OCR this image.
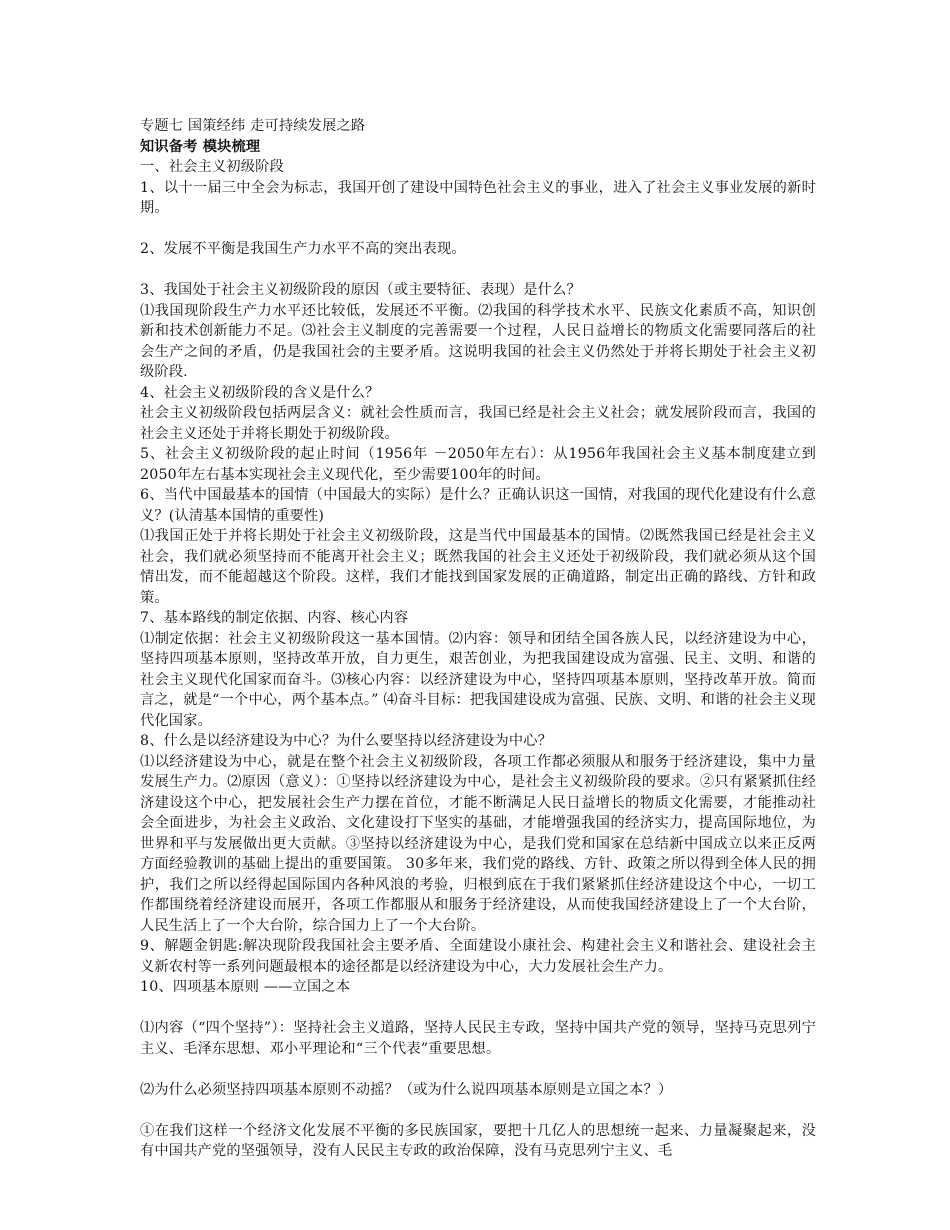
专题七 国策经纬 走可持续发展之路
知识备考 模块梳理
一、社会主义初级阶段
1、以十一届三中全会为标志，我国开创了建设中国特色社会主义的事业，进入了社会主义事业发展的新时期。
2、发展不平衡是我国生产力水平不高的突出表现。
3、我国处于社会主义初级阶段的原因（或主要特征、表现）是什么？
⑴我国现阶段生产力水平还比较低，发展还不平衡。⑵我国的科学技术水平、民族文化素质不高，知识创新和技术创新能力不足。⑶社会主义制度的完善需要一个过程，人民日益增长的物质文化需要同落后的社会生产之间的矛盾，仍是我国社会的主要矛盾。这说明我国的社会主义仍然处于并将长期处于社会主义初级阶段.
4、社会主义初级阶段的含义是什么？
社会主义初级阶段包括两层含义：就社会性质而言，我国已经是社会主义社会；就发展阶段而言，我国的社会主义还处于并将长期处于初级阶段。
5、社会主义初级阶段的起止时间（1956年 －2050年左右）：从1956年我国社会主义基本制度建立到2050年左右基本实现社会主义现代化，至少需要100年的时间。
6、当代中国最基本的国情（中国最大的实际）是什么？正确认识这一国情，对我国的现代化建设有什么意义？(认清基本国情的重要性)
⑴我国正处于并将长期处于社会主义初级阶段，这是当代中国最基本的国情。⑵既然我国已经是社会主义社会，我们就必须坚持而不能离开社会主义；既然我国的社会主义还处于初级阶段，我们就必须从这个国情出发，而不能超越这个阶段。这样，我们才能找到国家发展的正确道路，制定出正确的路线、方针和政策。
7、基本路线的制定依据、内容、核心内容
⑴制定依据：社会主义初级阶段这一基本国情。⑵内容：领导和团结全国各族人民，以经济建设为中心，坚持四项基本原则，坚持改革开放，自力更生，艰苦创业，为把我国建设成为富强、民主、文明、和谐的社会主义现代化国家而奋斗。⑶核心内容：以经济建设为中心，坚持四项基本原则，坚持改革开放。简而言之，就是“一个中心，两个基本点。” ⑷奋斗目标：把我国建设成为富强、民族、文明、和谐的社会主义现代化国家。
8、什么是以经济建设为中心？为什么要坚持以经济建设为中心？
⑴以经济建设为中心，就是在整个社会主义初级阶段，各项工作都必须服从和服务于经济建设，集中力量发展生产力。⑵原因（意义）：①坚持以经济建设为中心，是社会主义初级阶段的要求。②只有紧紧抓住经济建设这个中心，把发展社会生产力摆在首位，才能不断满足人民日益增长的物质文化需要，才能推动社会全面进步，为社会主义政治、文化建设打下坚实的基础，才能增强我国的经济实力，提高国际地位，为世界和平与发展做出更大贡献。③坚持以经济建设为中心，是我们党和国家在总结新中国成立以来正反两方面经验教训的基础上提出的重要国策。 30多年来，我们党的路线、方针、政策之所以得到全体人民的拥护，我们之所以经得起国际国内各种风浪的考验，归根到底在于我们紧紧抓住经济建设这个中心，一切工作都围绕着经济建设而展开，各项工作都服从和服务于经济建设，从而使我国经济建设上了一个大台阶，人民生活上了一个大台阶，综合国力上了一个大台阶。
9、解题金钥匙:解决现阶段我国社会主要矛盾、全面建设小康社会、构建社会主义和谐社会、建设社会主义新农村等一系列问题最根本的途径都是以经济建设为中心，大力发展社会生产力。
10、四项基本原则 ——立国之本
⑴内容（“四个坚持”）：坚持社会主义道路，坚持人民民主专政，坚持中国共产党的领导，坚持马克思列宁主义、毛泽东思想、邓小平理论和“三个代表”重要思想。
⑵为什么必须坚持四项基本原则不动摇？（或为什么说四项基本原则是立国之本？）
①在我们这样一个经济文化发展不平衡的多民族国家，要把十几亿人的思想统一起来、力量凝聚起来，没有中国共产党的坚强领导，没有人民民主专政的政治保障，没有马克思列宁主义、毛
